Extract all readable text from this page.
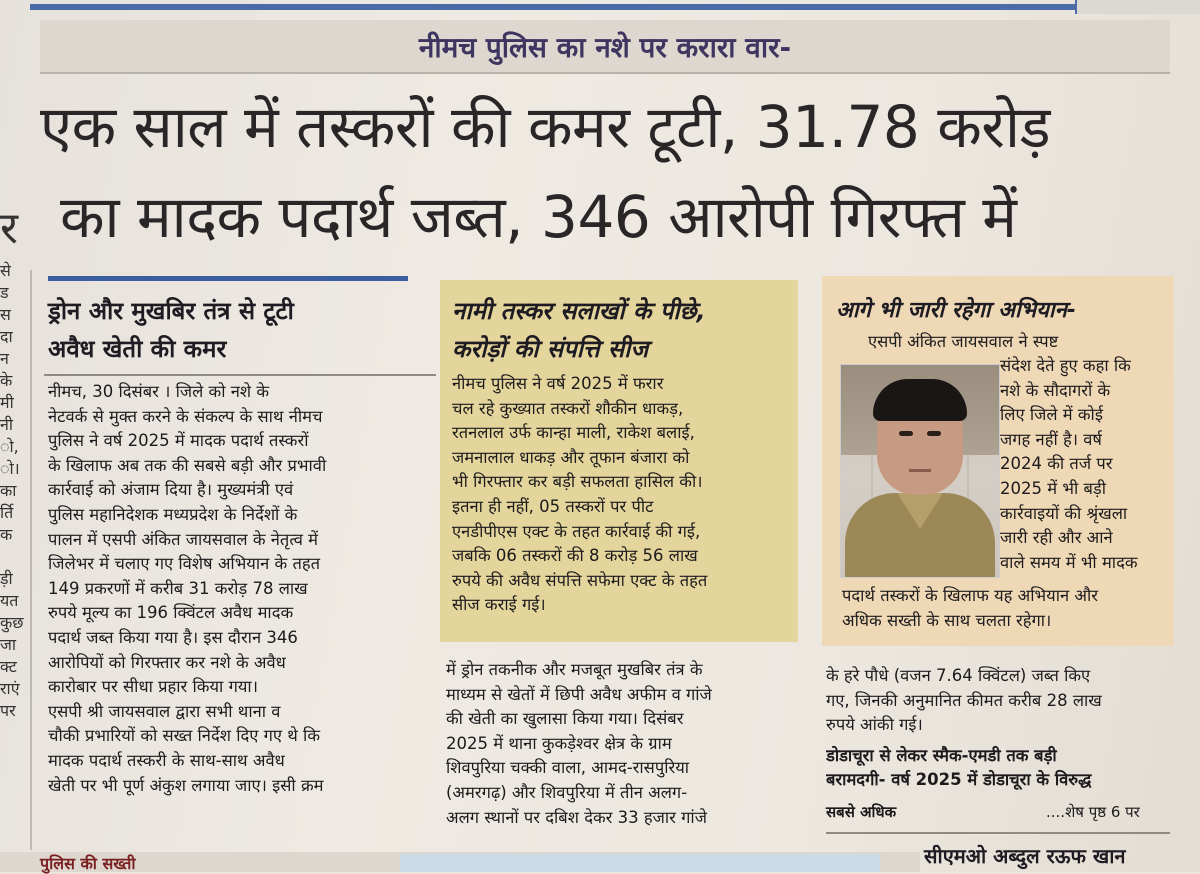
नीमच पुलिस का नशे पर करारा वार-
एक साल में तस्करों की कमर टूटी, 31.78 करोड़
का मादक पदार्थ जब्त, 346 आरोपी गिरफ्त में
र
से
ड
स
दा
न
के
मी
नी
ो,
ो।
का
र्ति
क
ड़ी
यत
कुछ
जा
क्ट
राएं
पर
ड्रोन और मुखबिर तंत्र से टूटी
अवैध खेती की कमर
नीमच, 30 दिसंबर । जिले को नशे के
नेटवर्क से मुक्त करने के संकल्प के साथ नीमच
पुलिस ने वर्ष 2025 में मादक पदार्थ तस्करों
के खिलाफ अब तक की सबसे बड़ी और प्रभावी
कार्रवाई को अंजाम दिया है। मुख्यमंत्री एवं
पुलिस महानिदेशक मध्यप्रदेश के निर्देशों के
पालन में एसपी अंकित जायसवाल के नेतृत्व में
जिलेभर में चलाए गए विशेष अभियान के तहत
149 प्रकरणों में करीब 31 करोड़ 78 लाख
रुपये मूल्य का 196 क्विंटल अवैध मादक
पदार्थ जब्त किया गया है। इस दौरान 346
आरोपियों को गिरफ्तार कर नशे के अवैध
कारोबार पर सीधा प्रहार किया गया।
एसपी श्री जायसवाल द्वारा सभी थाना व
चौकी प्रभारियों को सख्त निर्देश दिए गए थे कि
मादक पदार्थ तस्करी के साथ-साथ अवैध
खेती पर भी पूर्ण अंकुश लगाया जाए। इसी क्रम
नामी तस्कर सलाखों के पीछे,
करोड़ों की संपत्ति सीज
नीमच पुलिस ने वर्ष 2025 में फरार
चल रहे कुख्यात तस्करों शौकीन धाकड़,
रतनलाल उर्फ कान्हा माली, राकेश बलाई,
जमनालाल धाकड़ और तूफान बंजारा को
भी गिरफ्तार कर बड़ी सफलता हासिल की।
इतना ही नहीं, 05 तस्करों पर पीट
एनडीपीएस एक्ट के तहत कार्रवाई की गई,
जबकि 06 तस्करों की 8 करोड़ 56 लाख
रुपये की अवैध संपत्ति सफेमा एक्ट के तहत
सीज कराई गई।
में ड्रोन तकनीक और मजबूत मुखबिर तंत्र के
माध्यम से खेतों में छिपी अवैध अफीम व गांजे
की खेती का खुलासा किया गया। दिसंबर
2025 में थाना कुकड़ेश्वर क्षेत्र के ग्राम
शिवपुरिया चक्की वाला, आमद-रासपुरिया
(अमरगढ़) और शिवपुरिया में तीन अलग-
अलग स्थानों पर दबिश देकर 33 हजार गांजे
आगे भी जारी रहेगा अभियान-
एसपी अंकित जायसवाल ने स्पष्ट
संदेश देते हुए कहा कि
नशे के सौदागरों के
लिए जिले में कोई
जगह नहीं है। वर्ष
2024 की तर्ज पर
2025 में भी बड़ी
कार्रवाइयों की श्रृंखला
जारी रही और आने
वाले समय में भी मादक
पदार्थ तस्करों के खिलाफ यह अभियान और
अधिक सख्ती के साथ चलता रहेगा।
के हरे पौधे (वजन 7.64 क्विंटल) जब्त किए
गए, जिनकी अनुमानित कीमत करीब 28 लाख
रुपये आंकी गई।
डोडाचूरा से लेकर स्मैक-एमडी तक बड़ी
बरामदगी- वर्ष 2025 में डोडाचूरा के विरुद्ध
सबसे अधिक	....शेष पृष्ठ 6 पर
सीएमओ अब्दुल रऊफ खान
पुलिस की सख्ती
